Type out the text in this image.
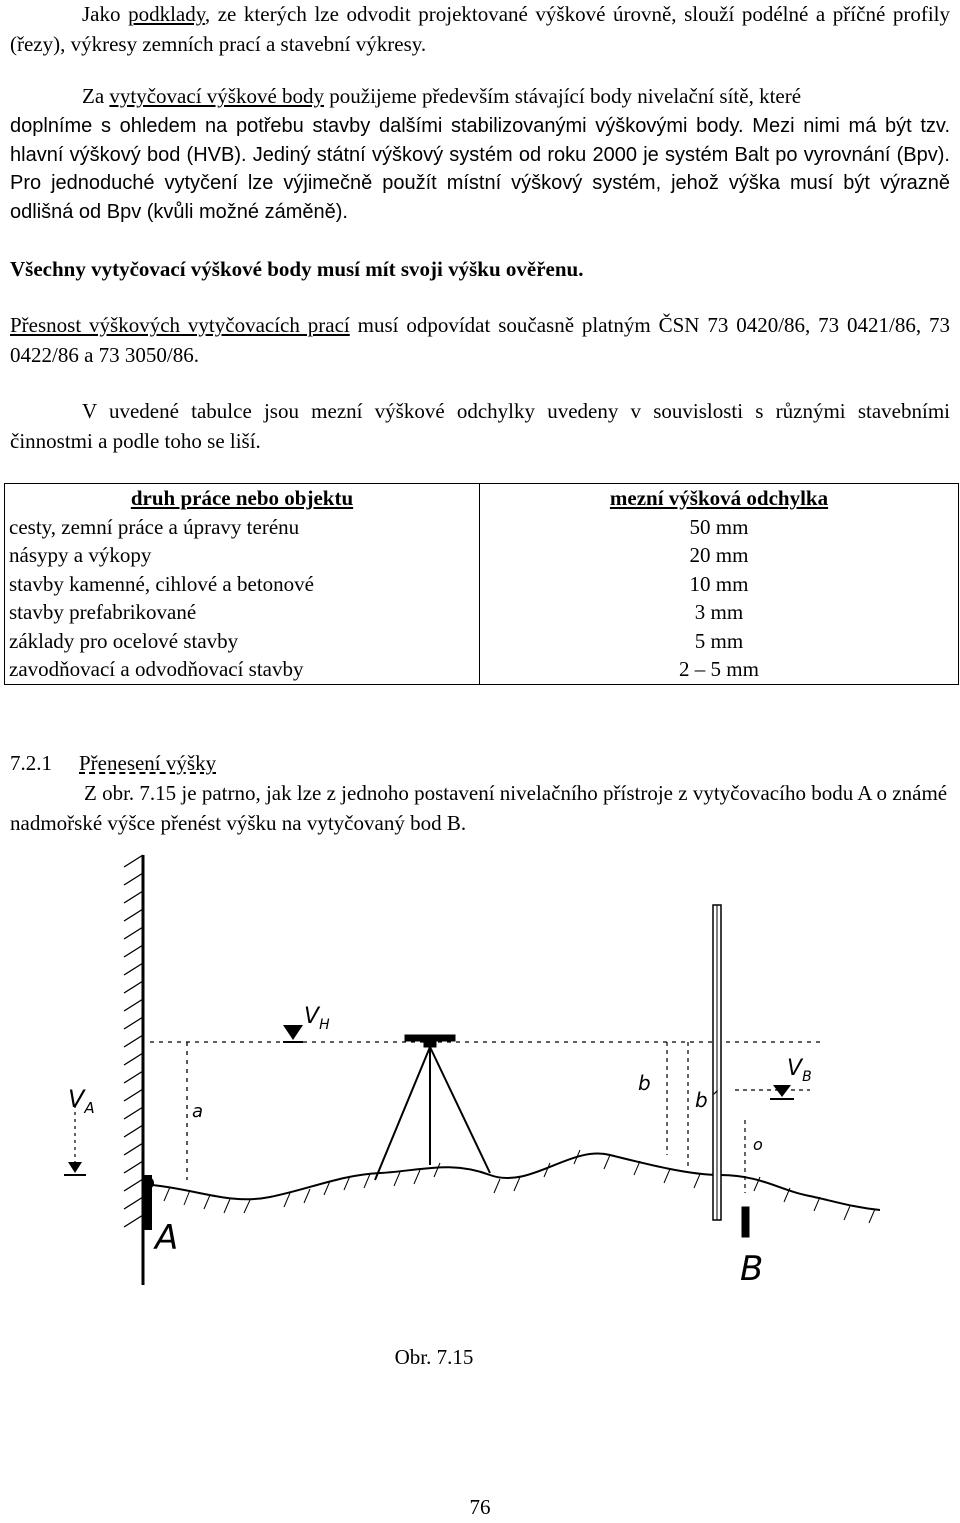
Jako podklady, ze kterých lze odvodit projektované výškové úrovně, slouží podélné a příčné profily (řezy), výkresy zemních prací a stavební výkresy.

Za vytyčovací výškové body použijeme především stávající body nivelační sítě, které

doplníme s ohledem na potřebu stavby dalšími stabilizovanými výškovými body. Mezi nimi má být tzv. hlavní výškový bod (HVB). Jediný státní výškový systém od roku 2000 je systém Balt po vyrovnání (Bpv). Pro jednoduché vytyčení lze výjimečně použít místní výškový systém, jehož výška musí být výrazně odlišná od Bpv (kvůli možné záměně).

Všechny vytyčovací výškové body musí mít svoji výšku ověřenu.

Přesnost výškových vytyčovacích prací musí odpovídat současně platným ČSN 73 0420/86, 73 0421/86, 73 0422/86 a 73 3050/86.

V uvedené tabulce jsou mezní výškové odchylky uvedeny v souvislosti s různými stavebními činnostmi a podle toho se liší.

druh práce nebo objektu	mezní výšková odchylka
cesty, zemní práce a úpravy terénu	50 mm
násypy a výkopy	20 mm
stavby kamenné, cihlové a betonové	10 mm
stavby prefabrikované	3 mm
základy pro ocelové stavby	5 mm
zavodňovací a odvodňovací stavby	2 – 5 mm

7.2.1 Přenesení výšky

Z obr. 7.15 je patrno, jak lze z jednoho postavení nivelačního přístroje z vytyčovacího bodu A o známé nadmořské výšce přenést výšku na vytyčovaný bod B.

$V_H$
$V_A$
$V_B$
a
b
b´
o
A
B

Obr. 7.15

76
